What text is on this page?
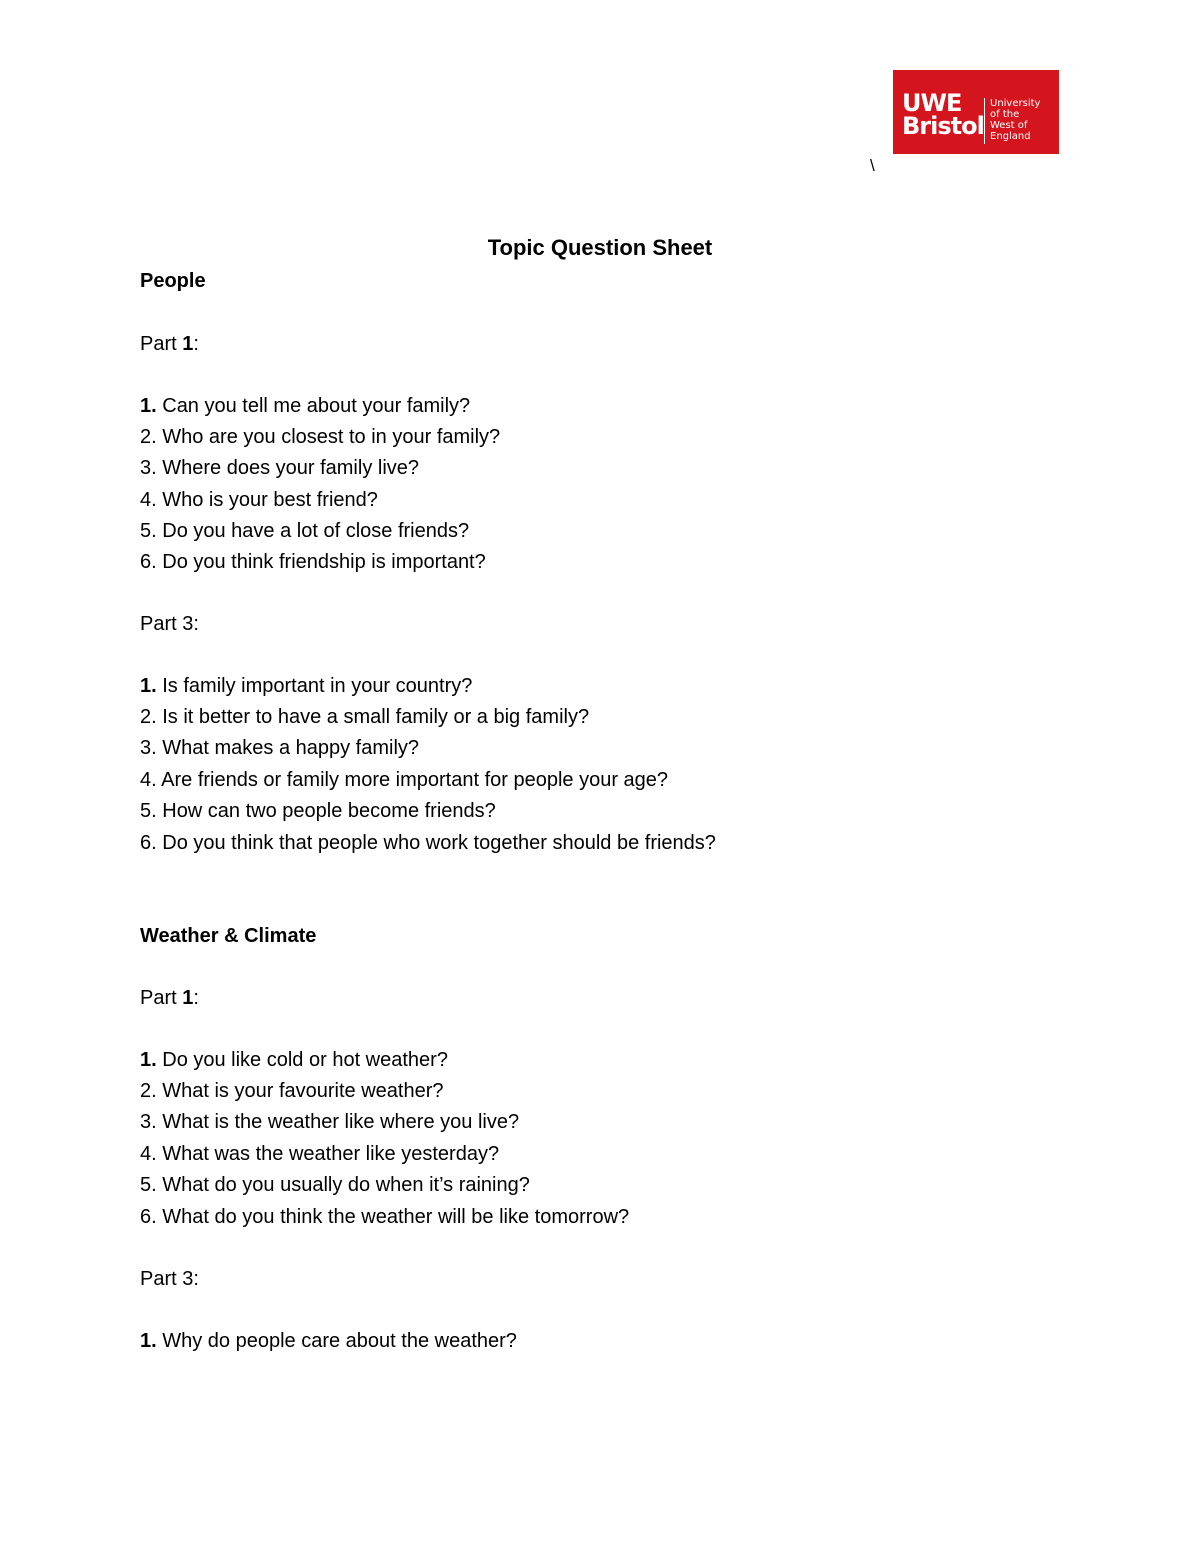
UWE
Bristol
University
of the
West of
England
\
Topic Question Sheet
People
Part 1:
1. Can you tell me about your family?
2. Who are you closest to in your family?
3. Where does your family live?
4. Who is your best friend?
5. Do you have a lot of close friends?
6. Do you think friendship is important?
Part 3:
1. Is family important in your country?
2. Is it better to have a small family or a big family?
3. What makes a happy family?
4. Are friends or family more important for people your age?
5. How can two people become friends?
6. Do you think that people who work together should be friends?
Weather & Climate
Part 1:
1. Do you like cold or hot weather?
2. What is your favourite weather?
3. What is the weather like where you live?
4. What was the weather like yesterday?
5. What do you usually do when it’s raining?
6. What do you think the weather will be like tomorrow?
Part 3:
1. Why do people care about the weather?
